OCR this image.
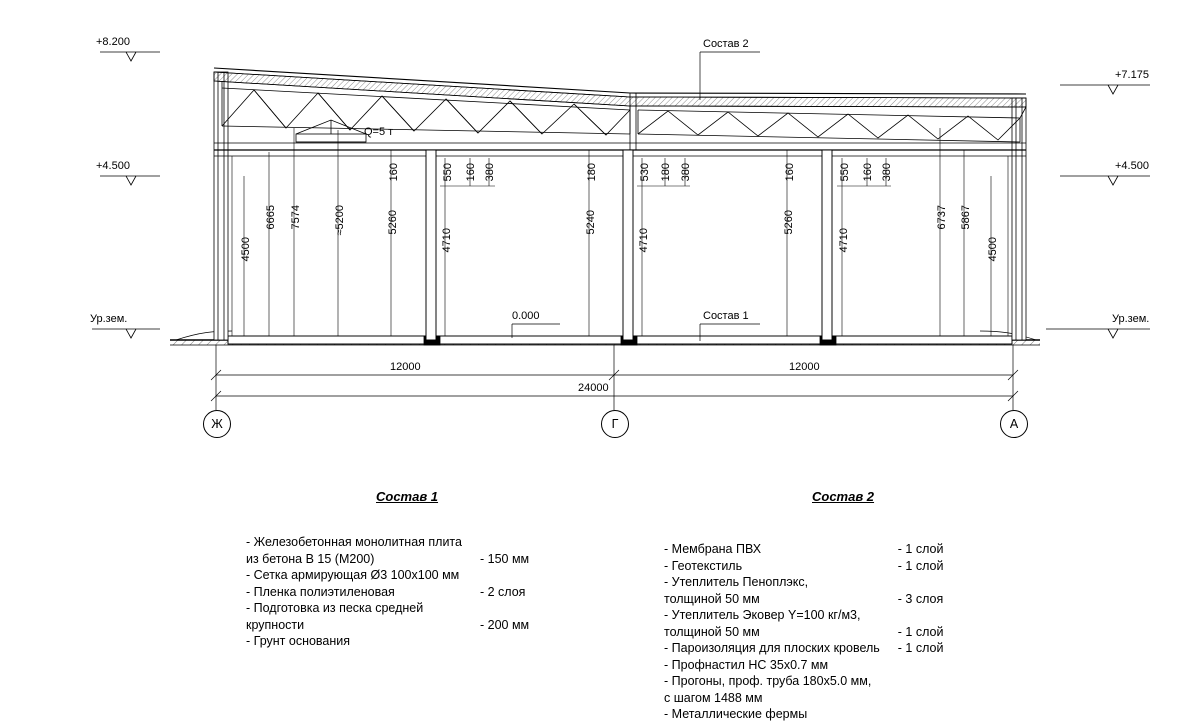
+8.200
+4.500
Ур.зем.
+7.175
+4.500
Ур.зем.
0.000
Q=5 т
Состав 2
Состав 1
4500
6665 7574	≈5200	5260
160
4710
550 160 380
5240
180
4710
530 180 380
5260
160
4710
550 160 380
6737 5867
4500
12000	12000
24000
Ж	Г	А
Состав 1
- Железобетонная монолитная плита	
из бетона В 15 (М200)	- 150 мм
- Сетка армирующая Ø3 100х100 мм	
- Пленка полиэтиленовая	- 2 слоя
- Подготовка из песка средней	
крупности	- 200 мм
- Грунт основания	
Состав 2
- Мембрана ПВХ	- 1 слой
- Геотекстиль	- 1 слой
- Утеплитель Пеноплэкс,	
толщиной 50 мм	- 3 слоя
- Утеплитель Эковер Y=100 кг/м3,	
толщиной 50 мм	- 1 слой
- Пароизоляция для плоских кровель	- 1 слой
- Профнастил НС 35х0.7 мм	
- Прогоны, проф. труба 180х5.0 мм,	
с шагом 1488 мм	
- Металлические фермы	
